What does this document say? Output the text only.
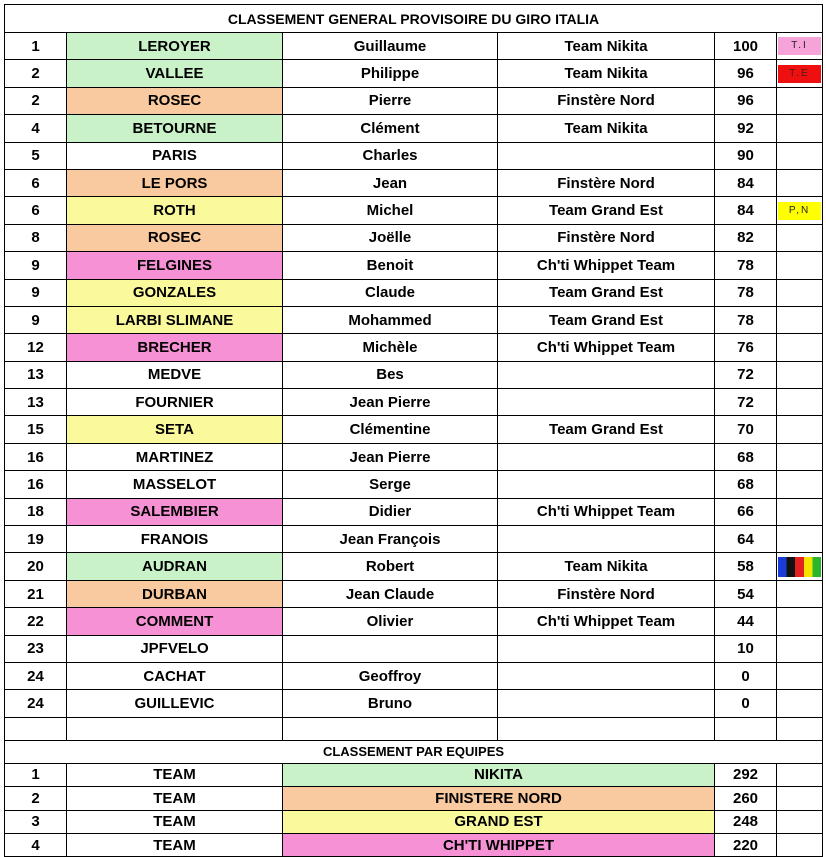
CLASSEMENT GENERAL PROVISOIRE DU GIRO ITALIA					
1	LEROYER	Guillaume	Team Nikita	100	T.I

2	VALLEE	Philippe	Team Nikita	96	T.E

2	ROSEC	Pierre	Finstère Nord	96	
4	BETOURNE	Clément	Team Nikita	92	
5	PARIS	Charles		90	
6	LE PORS	Jean	Finstère Nord	84	
6	ROTH	Michel	Team Grand Est	84	P,N

8	ROSEC	Joëlle	Finstère Nord	82	
9	FELGINES	Benoit	Ch'ti Whippet Team	78	
9	GONZALES	Claude	Team Grand Est	78	
9	LARBI SLIMANE	Mohammed	Team Grand Est	78	
12	BRECHER	Michèle	Ch'ti Whippet Team	76	
13	MEDVE	Bes		72	
13	FOURNIER	Jean Pierre		72	
15	SETA	Clémentine	Team Grand Est	70	
16	MARTINEZ	Jean Pierre		68	
16	MASSELOT	Serge		68	
18	SALEMBIER	Didier	Ch'ti Whippet Team	66	
19	FRANOIS	Jean François		64	
20	AUDRAN	Robert	Team Nikita	58	

21	DURBAN	Jean Claude	Finstère Nord	54	
22	COMMENT	Olivier	Ch'ti Whippet Team	44	
23	JPFVELO			10	
24	CACHAT	Geoffroy		0	
24	GUILLEVIC	Bruno		0	

CLASSEMENT PAR EQUIPES					
1	TEAM	NIKITA		292	
2	TEAM	FINISTERE NORD		260	
3	TEAM	GRAND EST		248	
4	TEAM	CH'TI WHIPPET		220	
